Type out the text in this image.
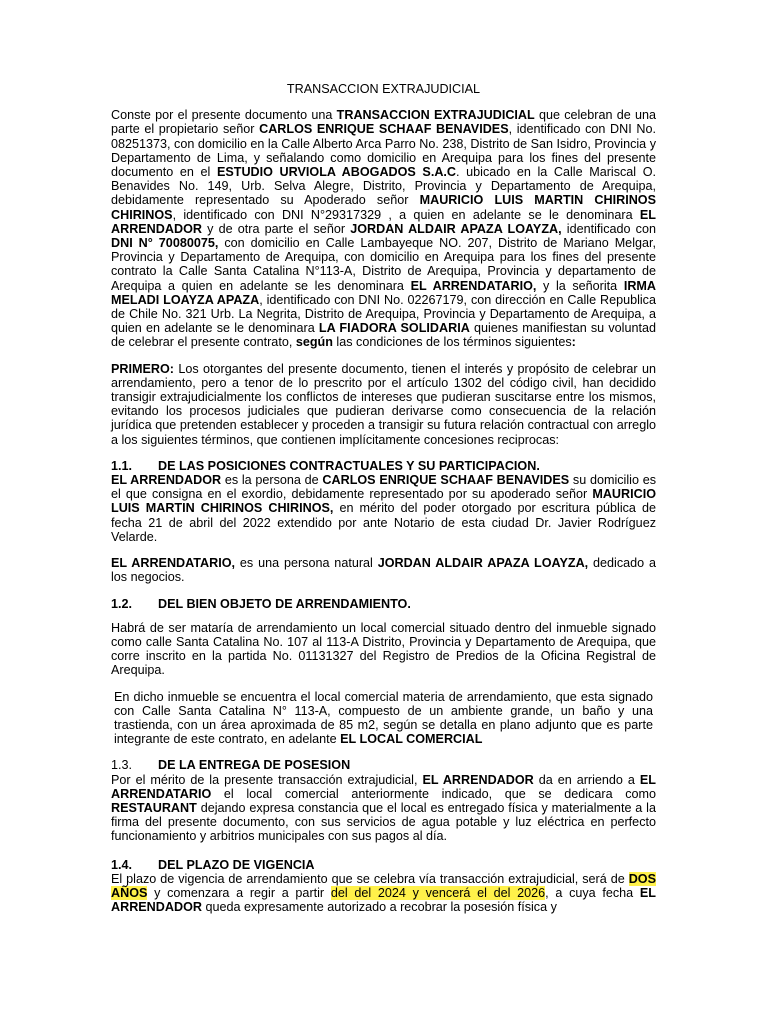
TRANSACCION EXTRAJUDICIAL

Conste por el presente documento una TRANSACCION EXTRAJUDICIAL que celebran de una parte el propietario señor CARLOS ENRIQUE SCHAAF BENAVIDES, identificado con DNI No. 08251373, con domicilio en la Calle Alberto Arca Parro No. 238, Distrito de San Isidro, Provincia y Departamento de Lima, y señalando como domicilio en Arequipa para los fines del presente documento en el ESTUDIO URVIOLA ABOGADOS S.A.C. ubicado en la Calle Mariscal O. Benavides No. 149, Urb. Selva Alegre, Distrito, Provincia y Departamento de Arequipa, debidamente representado su Apoderado señor MAURICIO LUIS MARTIN CHIRINOS CHIRINOS, identificado con DNI N°29317329 , a quien en adelante se le denominara EL ARRENDADOR y de otra parte el señor JORDAN ALDAIR APAZA LOAYZA, identificado con DNI N° 70080075, con domicilio en Calle Lambayeque NO. 207, Distrito de Mariano Melgar, Provincia y Departamento de Arequipa, con domicilio en Arequipa para los fines del presente contrato la Calle Santa Catalina N°113-A, Distrito de Arequipa, Provincia y departamento de Arequipa a quien en adelante se les denominara EL ARRENDATARIO, y la señorita IRMA MELADI LOAYZA APAZA, identificado con DNI No. 02267179, con dirección en Calle Republica de Chile No. 321 Urb. La Negrita, Distrito de Arequipa, Provincia y Departamento de Arequipa, a quien en adelante se le denominara LA FIADORA SOLIDARIA quienes manifiestan su voluntad de celebrar el presente contrato, según las condiciones de los términos siguientes:

PRIMERO: Los otorgantes del presente documento, tienen el interés y propósito de celebrar un arrendamiento, pero a tenor de lo prescrito por el artículo 1302 del código civil, han decidido transigir extrajudicialmente los conflictos de intereses que pudieran suscitarse entre los mismos, evitando los procesos judiciales que pudieran derivarse como consecuencia de la relación jurídica que pretenden establecer y proceden a transigir su futura relación contractual con arreglo a los siguientes términos, que contienen implícitamente concesiones reciprocas:

1.1.	DE LAS POSICIONES CONTRACTUALES Y SU PARTICIPACION.

EL ARRENDADOR es la persona de CARLOS ENRIQUE SCHAAF BENAVIDES su domicilio es el que consigna en el exordio, debidamente representado por su apoderado señor MAURICIO LUIS MARTIN CHIRINOS CHIRINOS, en mérito del poder otorgado por escritura pública de fecha 21 de abril del 2022 extendido por ante Notario de esta ciudad Dr. Javier Rodríguez Velarde.

EL ARRENDATARIO, es una persona natural JORDAN ALDAIR APAZA LOAYZA, dedicado a los negocios.

1.2.	DEL BIEN OBJETO DE ARRENDAMIENTO.

Habrá de ser mataría de arrendamiento un local comercial situado dentro del inmueble signado como calle Santa Catalina No. 107 al 113-A Distrito, Provincia y Departamento de Arequipa, que corre inscrito en la partida No. 01131327 del Registro de Predios de la Oficina Registral de Arequipa.

En dicho inmueble se encuentra el local comercial materia de arrendamiento, que esta signado con Calle Santa Catalina N° 113-A, compuesto de un ambiente grande, un baño y una trastienda, con un área aproximada de 85 m2, según se detalla en plano adjunto que es parte integrante de este contrato, en adelante EL LOCAL COMERCIAL

1.3.	DE LA ENTREGA DE POSESION

Por el mérito de la presente transacción extrajudicial, EL ARRENDADOR da en arriendo a EL ARRENDATARIO el local comercial anteriormente indicado, que se dedicara como RESTAURANT dejando expresa constancia que el local es entregado física y materialmente a la firma del presente documento, con sus servicios de agua potable y luz eléctrica en perfecto funcionamiento y arbitrios municipales con sus pagos al día.

1.4.	DEL PLAZO DE VIGENCIA

El plazo de vigencia de arrendamiento que se celebra vía transacción extrajudicial, será de DOS AÑOS y comenzara a regir a partir del del 2024 y vencerá el del 2026, a cuya fecha EL ARRENDADOR queda expresamente autorizado a recobrar la posesión física y
